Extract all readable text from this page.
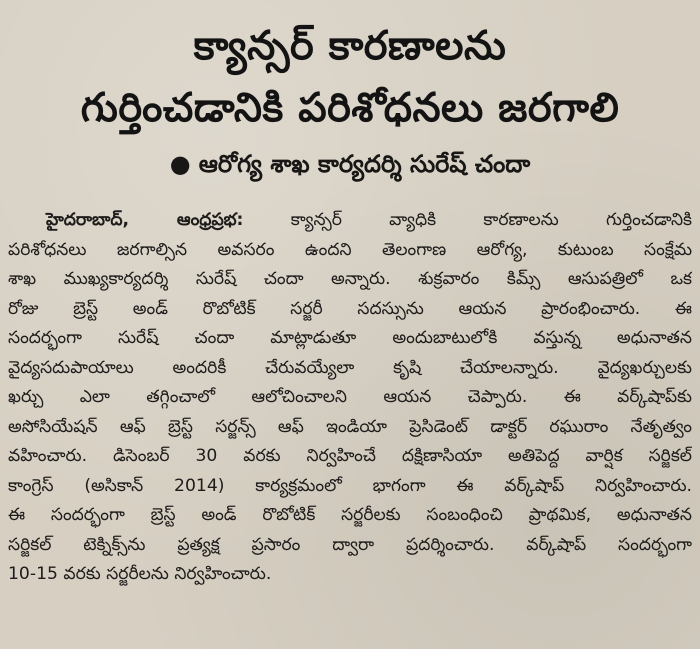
క్యాన్సర్ కారణాలను
గుర్తించడానికి పరిశోధనలు జరగాలి
● ఆరోగ్య శాఖ కార్యదర్శి సురేష్ చందా
హైదరాబాద్, ఆంధ్రప్రభ:	క్యాన్సర్ వ్యాధికి కారణాలను గుర్తించడానికి
పరిశోధనలు జరగాల్సిన అవసరం ఉందని తెలంగాణ ఆరోగ్య, కుటుంబ సంక్షేమ
శాఖ ముఖ్యకార్యదర్శి సురేష్ చందా అన్నారు. శుక్రవారం కిమ్స్ ఆసుపత్రిలో ఒక
రోజు బ్రెస్ట్ అండ్ రొబోటిక్ సర్జరీ సదస్సును ఆయన ప్రారంభించారు. ఈ
సందర్భంగా సురేష్ చందా మాట్లాడుతూ అందుబాటులోకి వస్తున్న అధునాతన
వైద్యసదుపాయాలు అందరికీ చేరువయ్యేలా కృషి చేయాలన్నారు. వైద్యఖర్చులకు
ఖర్చు ఎలా తగ్గించాలో ఆలోచించాలని ఆయన చెప్పారు. ఈ వర్క్‌షాప్‌కు
అసోసియేషన్ ఆఫ్ బ్రెస్ట్ సర్జన్స్ ఆఫ్ ఇండియా ప్రెసిడెంట్ డాక్టర్ రఘురాం నేతృత్వం
వహించారు. డిసెంబర్ 30 వరకు నిర్వహించే దక్షిణాసియా అతిపెద్ద వార్షిక సర్జికల్
కాంగ్రెస్ (అసికాన్ 2014) కార్యక్రమంలో భాగంగా ఈ వర్క్‌షాప్ నిర్వహించారు.
ఈ సందర్భంగా బ్రెస్ట్ అండ్ రొబోటిక్ సర్జరీలకు సంబంధించి ప్రాథమిక, అధునాతన
సర్జికల్ టెక్నిక్స్‌ను ప్రత్యక్ష ప్రసారం ద్వారా ప్రదర్శించారు. వర్క్‌షాప్ సందర్భంగా
10-15 వరకు సర్జరీలను నిర్వహించారు.
